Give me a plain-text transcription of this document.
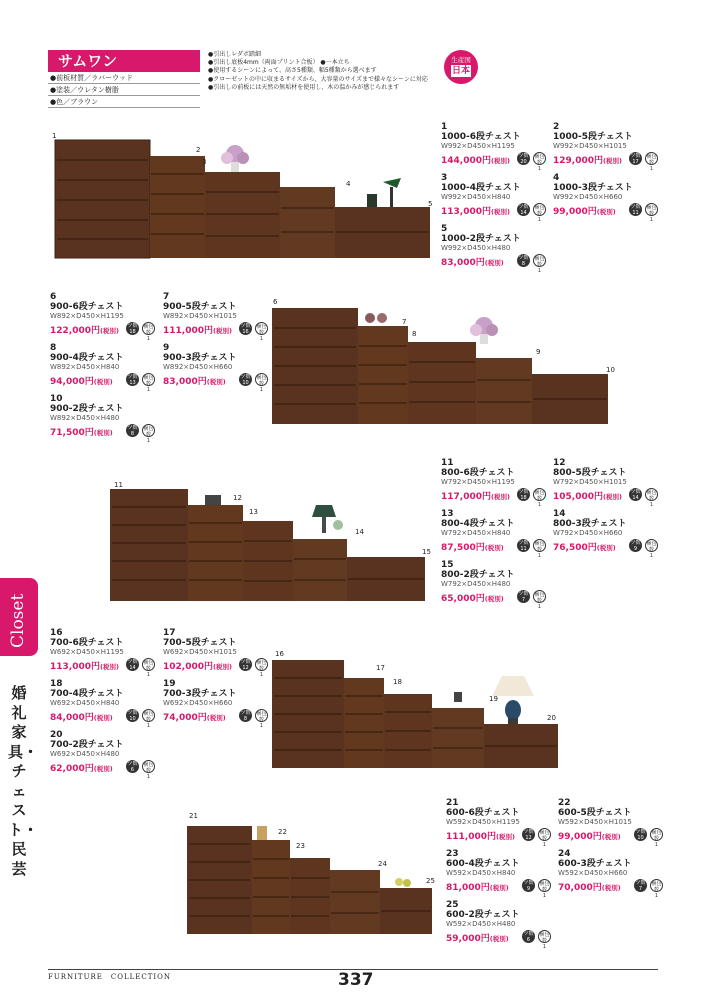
サムワン
●前板材質／ラバーウッド
●塗装／ウレタン樹脂
●色／ブラウン
●引出しレダボ踏細
●引出し底板4mm（両面プリント合板） ●一本立ち
●使用するシーンによって、高さ5種類、幅5種類から選べます
●クローゼットの中に収まるサイズから、大容量のサイズまで様々なシーンに対応
●引出しの前板には天然の無垢材を使用し、木の温かみが感じられます
生産国
日本
1
2
3
4
5
6
7
8
9
10
11
12
13
14
15
16
17
18
19
20
21
22
23
24
25
1
1000-6段チェスト
W992×D450×H1195
144,000円(税別)
ツ数
20
梱包数
1
2
1000-5段チェスト
W992×D450×H1015
129,000円(税別)
ツ数
17
梱包数
1
3
1000-4段チェスト
W992×D450×H840
113,000円(税別)
ツ数
14
梱包数
1
4
1000-3段チェスト
W992×D450×H660
99,000円(税別)
ツ数
11
梱包数
1
5
1000-2段チェスト
W992×D450×H480
83,000円(税別)
ツ数
8
梱包数
1
6
900-6段チェスト
W892×D450×H1195
122,000円(税別)
ツ数
18
梱包数
1
7
900-5段チェスト
W892×D450×H1015
111,000円(税別)
ツ数
16
梱包数
1
8
900-4段チェスト
W892×D450×H840
94,000円(税別)
ツ数
13
梱包数
1
9
900-3段チェスト
W892×D450×H660
83,000円(税別)
ツ数
10
梱包数
1
10
900-2段チェスト
W892×D450×H480
71,500円(税別)
ツ数
8
梱包数
1
11
800-6段チェスト
W792×D450×H1195
117,000円(税別)
ツ数
18
梱包数
1
12
800-5段チェスト
W792×D450×H1015
105,000円(税別)
ツ数
14
梱包数
1
13
800-4段チェスト
W792×D450×H840
87,500円(税別)
ツ数
11
梱包数
1
14
800-3段チェスト
W792×D450×H660
76,500円(税別)
ツ数
9
梱包数
1
15
800-2段チェスト
W792×D450×H480
65,000円(税別)
ツ数
7
梱包数
1
16
700-6段チェスト
W692×D450×H1195
113,000円(税別)
ツ数
14
梱包数
1
17
700-5段チェスト
W692×D450×H1015
102,000円(税別)
ツ数
12
梱包数
1
18
700-4段チェスト
W692×D450×H840
84,000円(税別)
ツ数
10
梱包数
1
19
700-3段チェスト
W692×D450×H660
74,000円(税別)
ツ数
8
梱包数
1
20
700-2段チェスト
W692×D450×H480
62,000円(税別)
ツ数
6
梱包数
1
21
600-6段チェスト
W592×D450×H1195
111,000円(税別)
ツ数
12
梱包数
1
22
600-5段チェスト
W592×D450×H1015
99,000円(税別)
ツ数
10
梱包数
1
23
600-4段チェスト
W592×D450×H840
81,000円(税別)
ツ数
9
梱包数
1
24
600-3段チェスト
W592×D450×H660
70,000円(税別)
ツ数
7
梱包数
1
25
600-2段チェスト
W592×D450×H480
59,000円(税別)
ツ数
6
梱包数
1
Closet
婚礼家具・チェスト・民芸
FURNITURE　COLLECTION	337
